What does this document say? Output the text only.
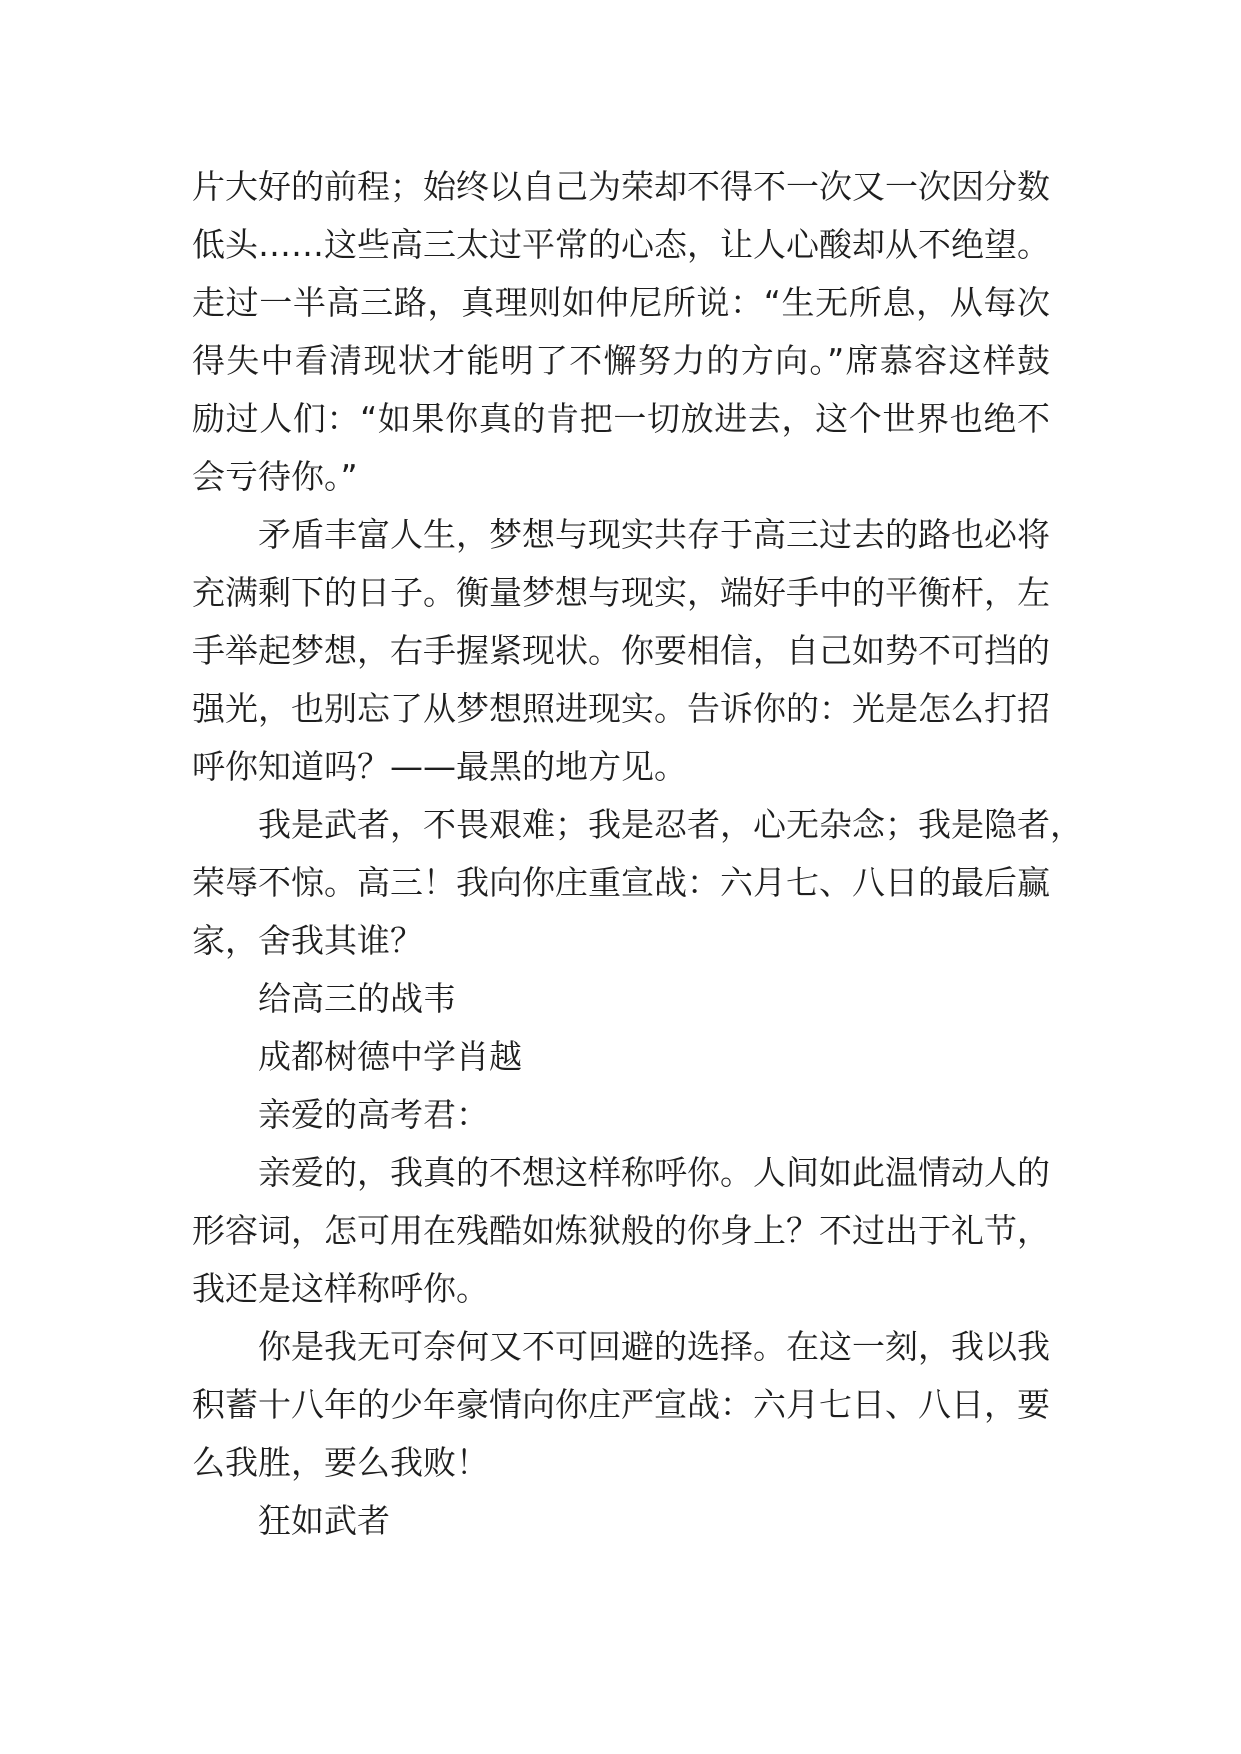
片大好的前程；始终以自己为荣却不得不一次又一次因分数
低头……这些高三太过平常的心态，让人心酸却从不绝望。
走过一半高三路，真理则如仲尼所说：“生无所息，从每次
得失中看清现状才能明了不懈努力的方向。”席慕容这样鼓
励过人们：“如果你真的肯把一切放进去，这个世界也绝不
会亏待你。”
矛盾丰富人生，梦想与现实共存于高三过去的路也必将
充满剩下的日子。衡量梦想与现实，端好手中的平衡杆，左
手举起梦想，右手握紧现状。你要相信，自己如势不可挡的
强光，也别忘了从梦想照进现实。告诉你的：光是怎么打招
呼你知道吗？——最黑的地方见。
我是武者，不畏艰难；我是忍者，心无杂念；我是隐者，
荣辱不惊。高三！我向你庄重宣战：六月七、八日的最后赢
家，舍我其谁？
给高三的战韦
成都树德中学肖越
亲爱的高考君：
亲爱的，我真的不想这样称呼你。人间如此温情动人的
形容词，怎可用在残酷如炼狱般的你身上？不过出于礼节，
我还是这样称呼你。
你是我无可奈何又不可回避的选择。在这一刻，我以我
积蓄十八年的少年豪情向你庄严宣战：六月七日、八日，要
么我胜，要么我败！
狂如武者
